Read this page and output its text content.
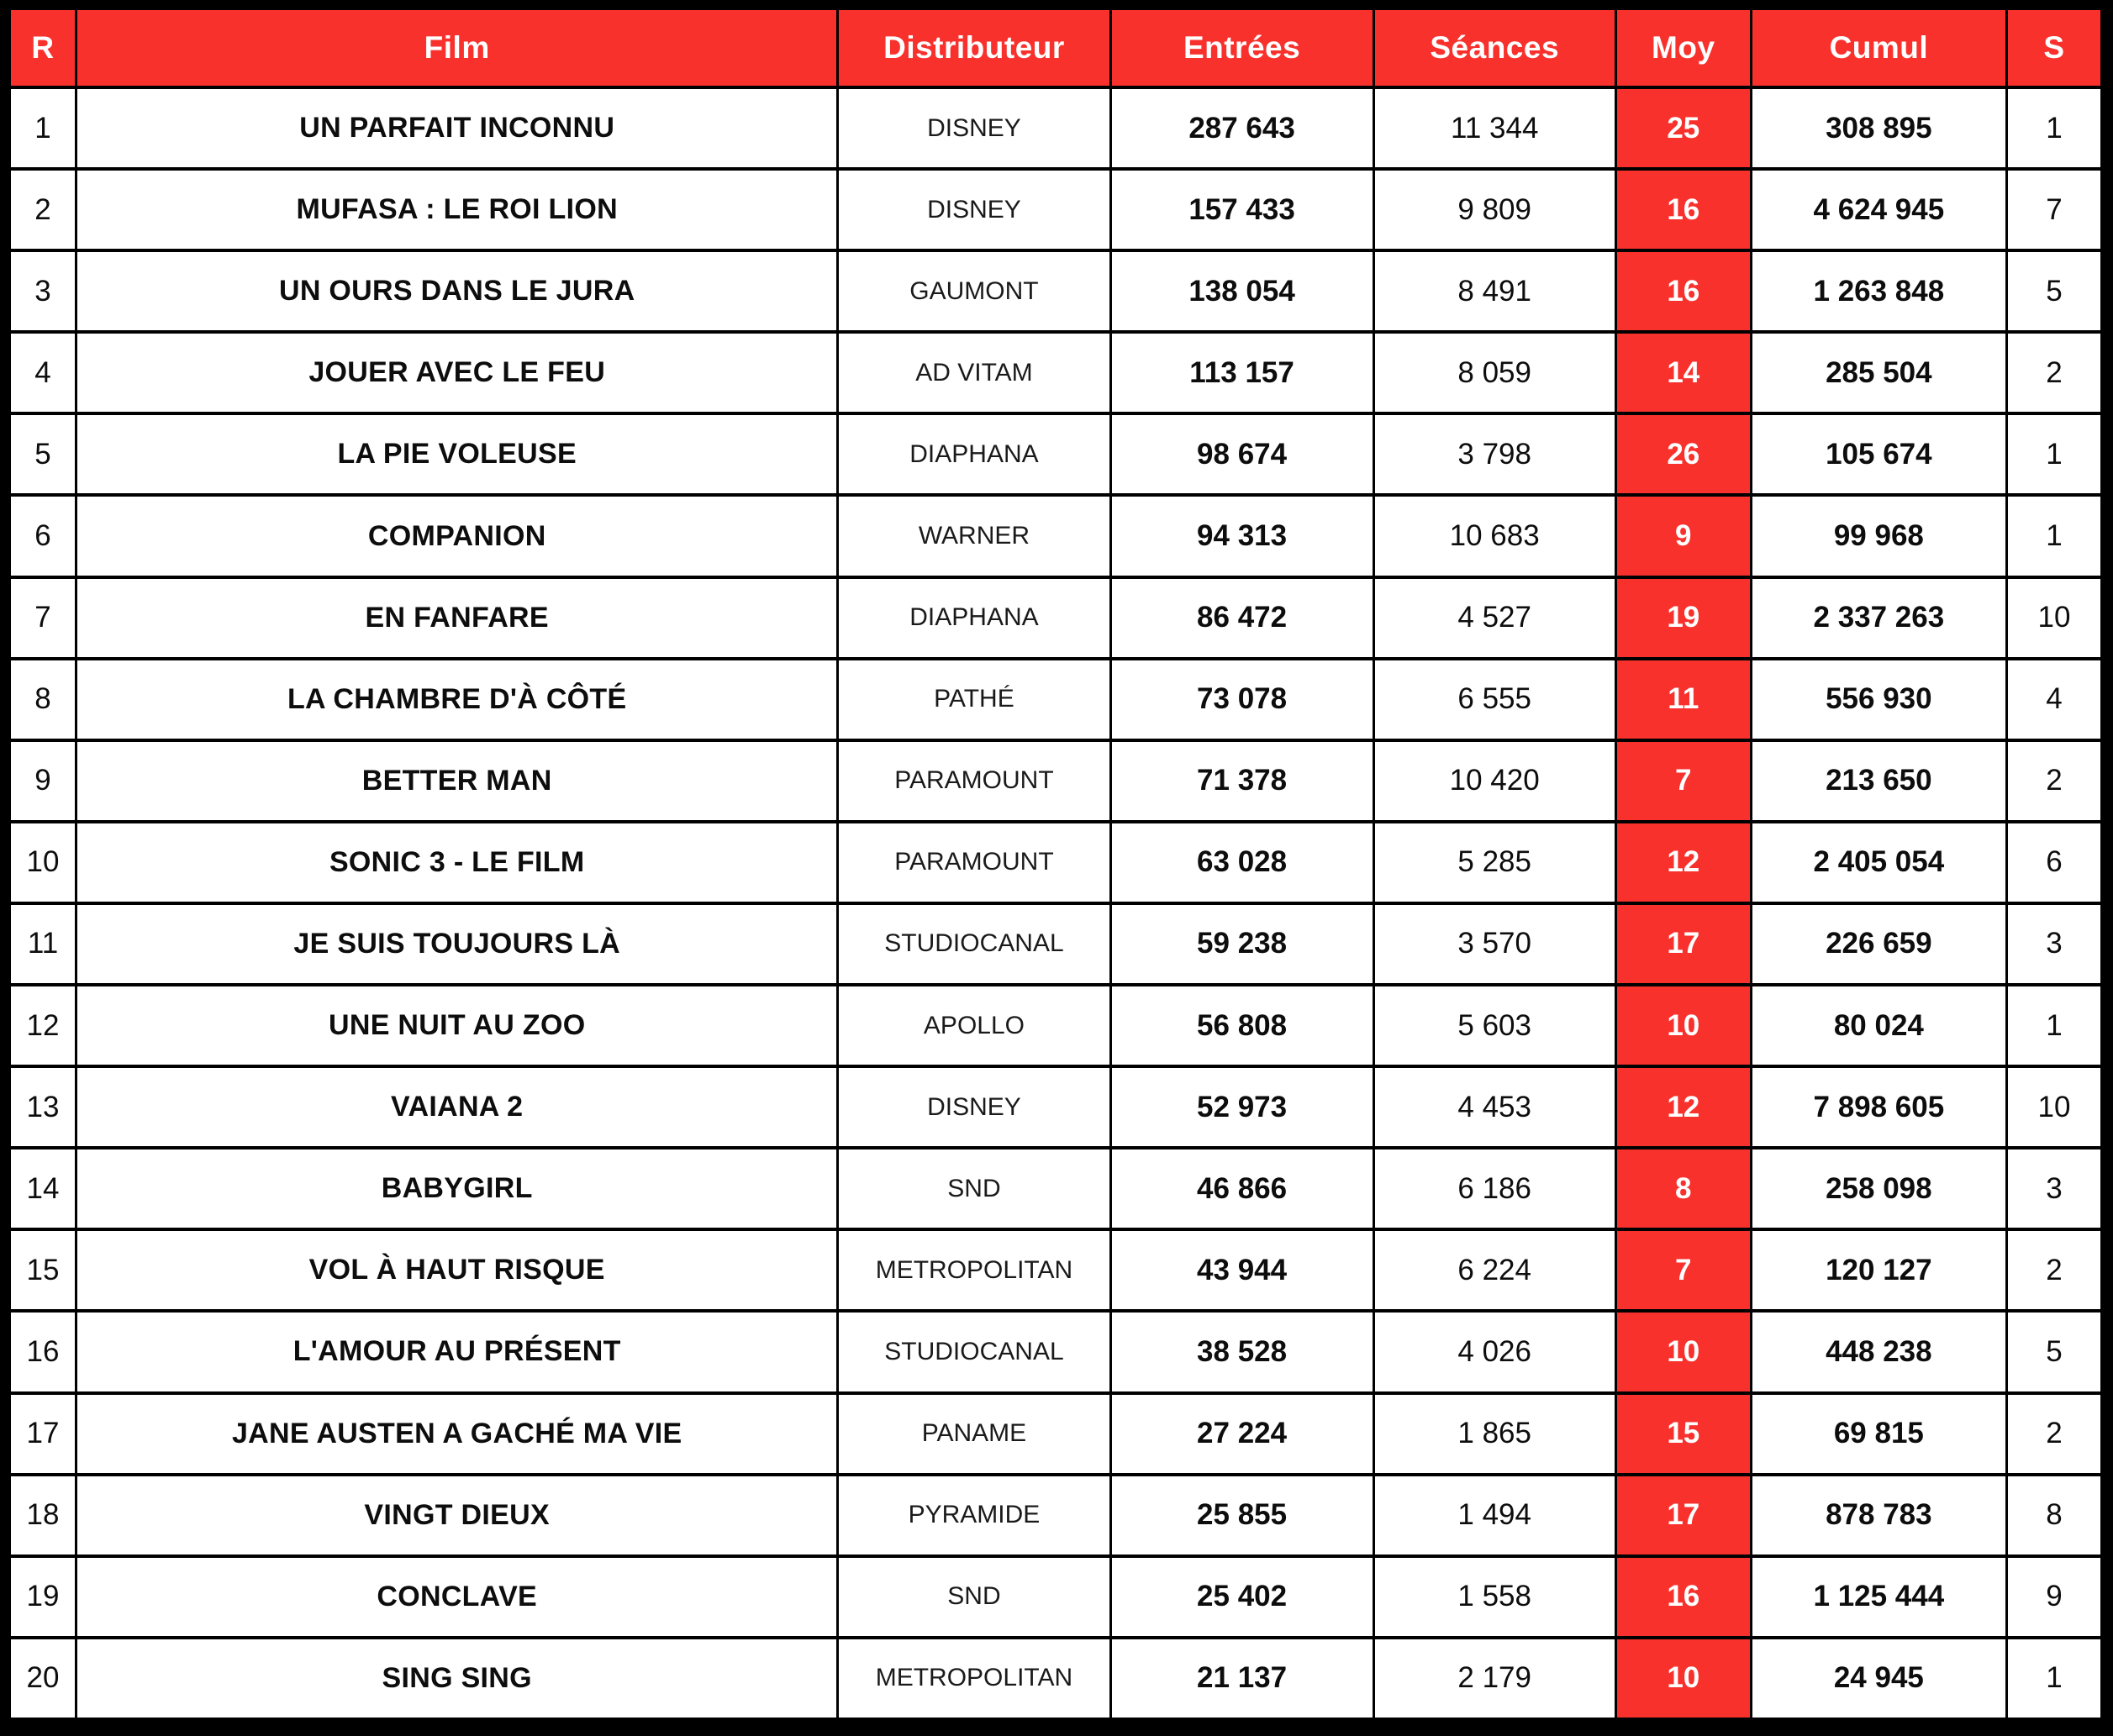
R	Film	Distributeur	Entrées	Séances	Moy	Cumul	S
1	UN PARFAIT INCONNU	DISNEY	287 643	11 344	25	308 895	1
2	MUFASA : LE ROI LION	DISNEY	157 433	9 809	16	4 624 945	7
3	UN OURS DANS LE JURA	GAUMONT	138 054	8 491	16	1 263 848	5
4	JOUER AVEC LE FEU	AD VITAM	113 157	8 059	14	285 504	2
5	LA PIE VOLEUSE	DIAPHANA	98 674	3 798	26	105 674	1
6	COMPANION	WARNER	94 313	10 683	9	99 968	1
7	EN FANFARE	DIAPHANA	86 472	4 527	19	2 337 263	10
8	LA CHAMBRE D'À CÔTÉ	PATHÉ	73 078	6 555	11	556 930	4
9	BETTER MAN	PARAMOUNT	71 378	10 420	7	213 650	2
10	SONIC 3 - LE FILM	PARAMOUNT	63 028	5 285	12	2 405 054	6
11	JE SUIS TOUJOURS LÀ	STUDIOCANAL	59 238	3 570	17	226 659	3
12	UNE NUIT AU ZOO	APOLLO	56 808	5 603	10	80 024	1
13	VAIANA 2	DISNEY	52 973	4 453	12	7 898 605	10
14	BABYGIRL	SND	46 866	6 186	8	258 098	3
15	VOL À HAUT RISQUE	METROPOLITAN	43 944	6 224	7	120 127	2
16	L'AMOUR AU PRÉSENT	STUDIOCANAL	38 528	4 026	10	448 238	5
17	JANE AUSTEN A GACHÉ MA VIE	PANAME	27 224	1 865	15	69 815	2
18	VINGT DIEUX	PYRAMIDE	25 855	1 494	17	878 783	8
19	CONCLAVE	SND	25 402	1 558	16	1 125 444	9
20	SING SING	METROPOLITAN	21 137	2 179	10	24 945	1
